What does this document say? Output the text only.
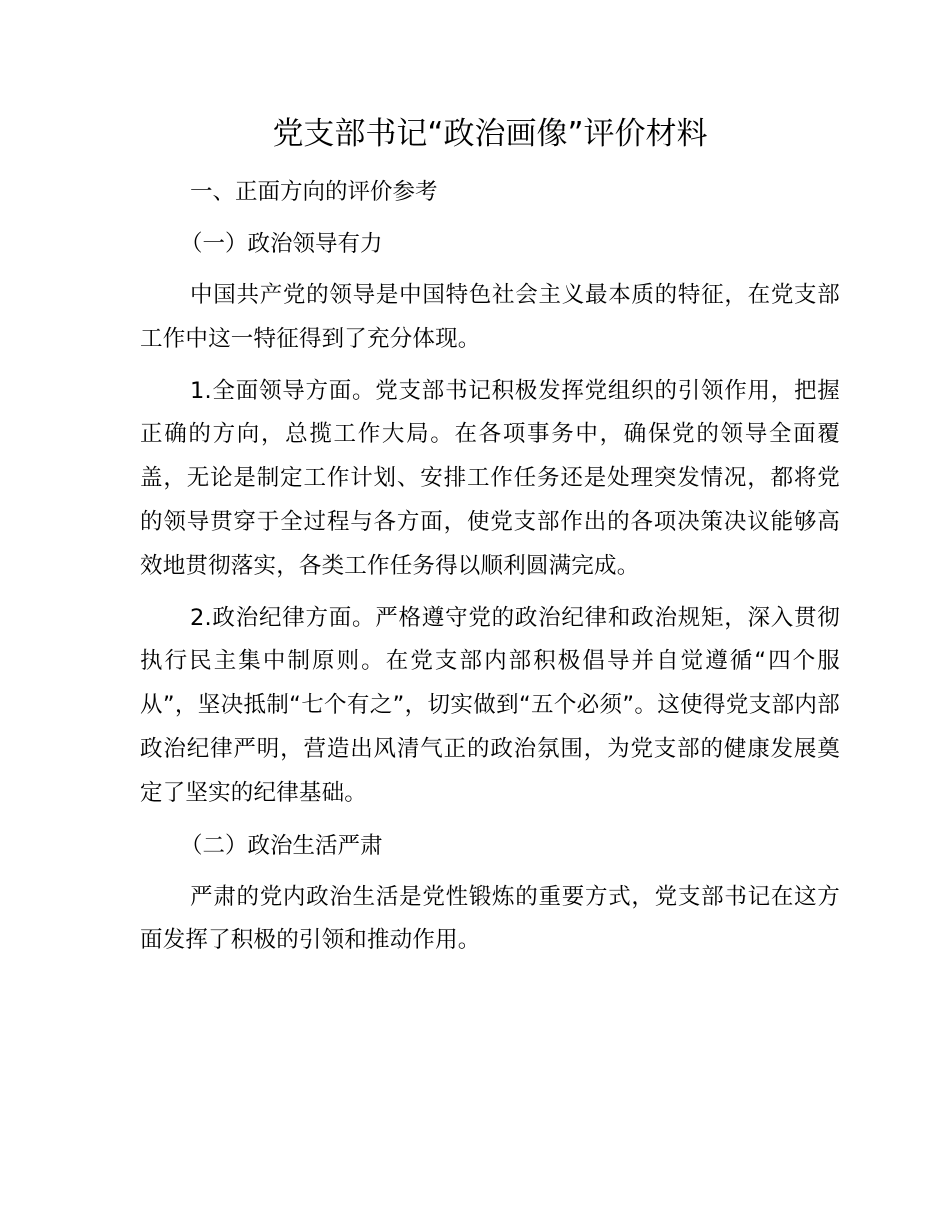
党支部书记“政治画像”评价材料
一、正面方向的评价参考
（一）政治领导有力

中国共产党的领导是中国特色社会主义最本质的特征，在党支部工作中这一特征得到了充分体现。

1.全面领导方面。党支部书记积极发挥党组织的引领作用，把握正确的方向，总揽工作大局。在各项事务中，确保党的领导全面覆盖，无论是制定工作计划、安排工作任务还是处理突发情况，都将党的领导贯穿于全过程与各方面，使党支部作出的各项决策决议能够高效地贯彻落实，各类工作任务得以顺利圆满完成。

2.政治纪律方面。严格遵守党的政治纪律和政治规矩，深入贯彻执行民主集中制原则。在党支部内部积极倡导并自觉遵循“四个服从”，坚决抵制“七个有之”，切实做到“五个必须”。这使得党支部内部政治纪律严明，营造出风清气正的政治氛围，为党支部的健康发展奠定了坚实的纪律基础。

（二）政治生活严肃

严肃的党内政治生活是党性锻炼的重要方式，党支部书记在这方面发挥了积极的引领和推动作用。
